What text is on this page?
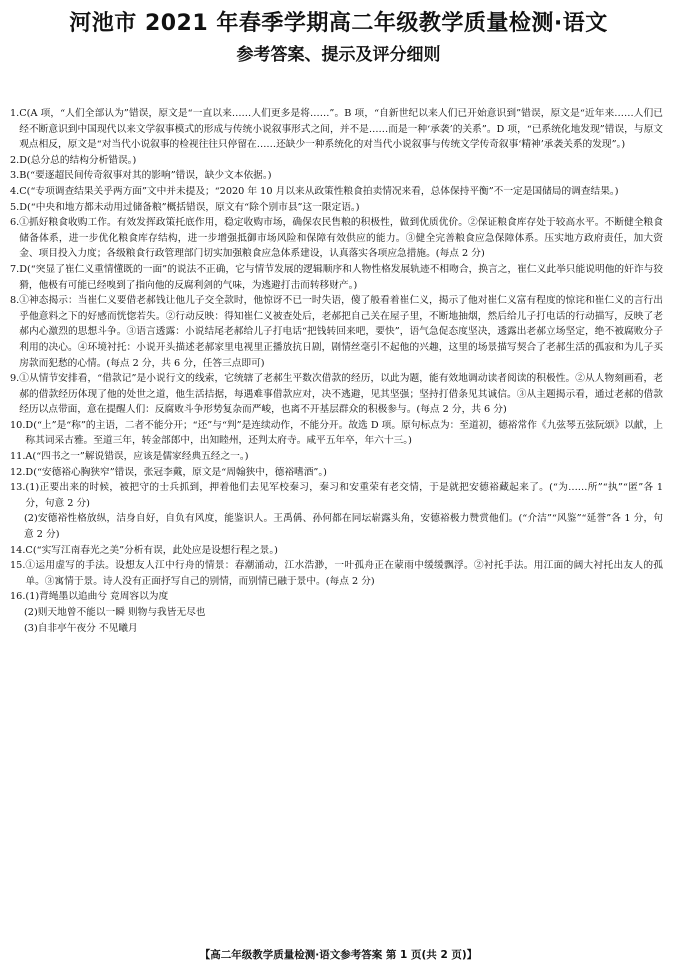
河池市 2021 年春季学期高二年级教学质量检测·语文
参考答案、提示及评分细则
1. C(A 项，“人们全部认为”错误，原文是“一直以来……人们更多是将……”。B 项，“自新世纪以来人们已开始意识到”错误，原文是“近年来……人们已经不断意识到中国现代以来文学叙事模式的形成与传统小说叙事形式之间，并不是……而是一种‘承袭’的关系”。D 项，“已系统化地发现”错误，与原文观点相反，原文是“对当代小说叙事的检视往往只停留在……还缺少一种系统化的对当代小说叙事与传统文学传奇叙事‘精神’承袭关系的发现”。)
2. D(总分总的结构分析错误。)
3. B(“要逐超民间传奇叙事对其的影响”错误，缺少文本依据。)
4. C(“专项调查结果关乎两方面”文中并未提及；“2020 年 10 月以来从政策性粮食拍卖情况来看，总体保持平衡”不一定是国储局的调查结果。)
5. D(“中央和地方都未动用过储备粮”概括错误，原文有“除个别市县”这一限定语。)
6. ①抓好粮食收购工作。有效发挥政策托底作用，稳定收购市场，确保农民售粮的积极性，做到优质优价。②保证粮食库存处于较高水平。不断健全粮食储备体系，进一步优化粮食库存结构，进一步增强抵御市场风险和保障有效供应的能力。③健全完善粮食应急保障体系。压实地方政府责任，加大资金、项目投入力度；各级粮食行政管理部门切实加强粮食应急体系建设，认真落实各项应急措施。(每点 2 分)
7. D(“突显了崔仁义重情懂既的一面”的说法不正确，它与情节发展的逻辑顺序和人物性格发展轨迹不相吻合，换言之，崔仁义此举只能说明他的奸诈与狡猾，他极有可能已经嗅到了指向他的反腐利剑的气味，为逃避打击而转移财产。)
8. ①神态揭示：当崔仁义要借老郝钱让他儿子交全款时，他惊讶不已一时失语，傻了般看着崔仁义，揭示了他对崔仁义富有程度的惊诧和崔仁义的言行出乎他意料之下的好感而恍惚若失。②行动反映：得知崔仁义被查处后，老郝把自己关在屋子里，不断地抽烟，然后给儿子打电话的行动描写，反映了老郝内心激烈的思想斗争。③语言透露：小说结尾老郝给儿子打电话“把钱转回来吧，要快”，语气急促态度坚决，透露出老郝立场坚定，绝不被腐败分子利用的决心。④环境衬托：小说开头描述老郝家里电视里正播放抗日剧，剧情丝毫引不起他的兴趣，这里的场景描写契合了老郝生活的孤寂和为儿子买房款而犯愁的心情。(每点 2 分，共 6 分，任答三点即可)
9. ①从情节安排看，“借款记”是小说行文的线索，它统辖了老郝生平数次借款的经历，以此为题，能有效地调动读者阅读的积极性。②从人物刻画看，老郝的借款经历体现了他的处世之道，他生活拮据，每遇难事借款应对，决不逃避，见其坚强；坚持打借条见其诚信。③从主题揭示看，通过老郝的借款经历以点带面，意在提醒人们：反腐败斗争形势复杂而严峻，也离不开基层群众的积极参与。(每点 2 分，共 6 分)
10. D(“上”是“称”的主语，二者不能分开；“还”与“判”是连续动作，不能分开。故选 D 项。原句标点为：至道初，德裕常作《九弦琴五弦阮颂》以献，上称其词采古雅。至道三年，转金部郎中，出知睦州，还判太府寺。咸平五年卒，年六十三。)
11. A(“四书之一”解说错误，应该是儒家经典五经之一。)
12. D(“安德裕心胸狭窄”错误，张冠李戴，原文是“周翰狭中，德裕嗜酒”。)
13. (1)正要出来的时候，被把守的士兵抓到，押着他们去见军校秦习，秦习和安重荣有老交情，于是就把安德裕藏起来了。(“为……所”“执”“匿”各 1 分，句意 2 分)
(2)安德裕性格放纵，洁身自好，自负有风度，能鉴识人。王禹偁、孙何都在同坛崭露头角，安德裕极力赞赏他们。(“介洁”“风鉴”“延誉”各 1 分，句意 2 分)
14. C(“实写江南春光之美”分析有误，此处应是设想行程之景。)
15. ①运用虚写的手法。设想友人江中行舟的情景：春潮涌动，江水浩渺，一叶孤舟正在蒙雨中缓缓飘浮。②衬托手法。用江面的阔大衬托出友人的孤单。③寓情于景。诗人没有正面抒写自己的别情，而别情已融于景中。(每点 2 分)
16. (1)背绳墨以追曲兮 竞周容以为度
(2)则天地曾不能以一瞬 则物与我皆无尽也
(3)自非亭午夜分 不见曦月
【高二年级教学质量检测·语文参考答案 第 1 页(共 2 页)】
